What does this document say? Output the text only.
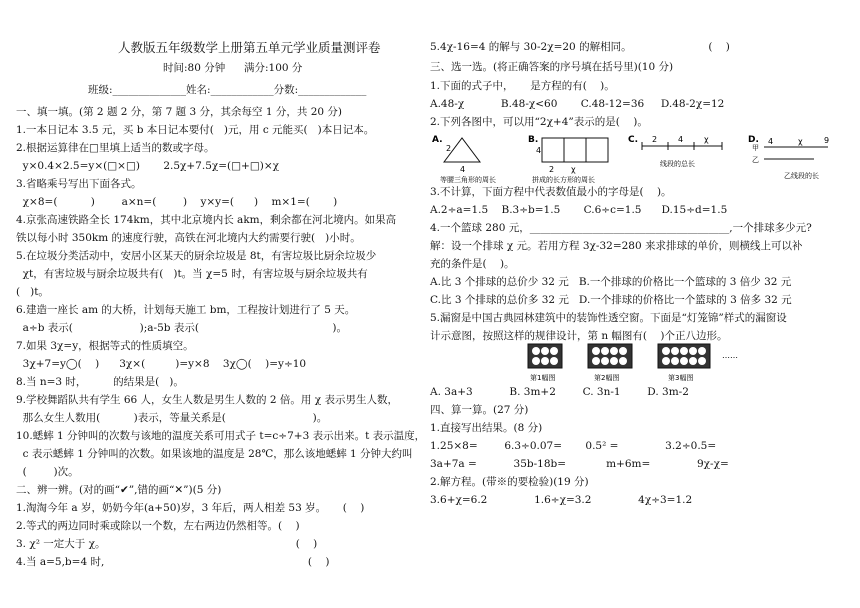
人教版五年级数学上册第五单元学业质量测评卷
时间:80 分钟 满分:100 分
班级:______________姓名:____________分数:_____________
一、填一填。(第 2 题 2 分，第 7 题 3 分，其余每空 1 分，共 20 分)
1.一本日记本 3.5 元，买 b 本日记本要付(   )元，用 c 元能买(   )本日记本。
2.根据运算律在□里填上适当的数或字母。
y×0.4×2.5=y×(□×□)       2.5χ+7.5χ=(□+□)×χ
3.省略乘号写出下面各式。
χ×8=(          )        a×n=(        )    y×y=(      )    m×1=(       )
4.京张高速铁路全长 174km，其中北京境内长 akm，剩余都在河北境内。如果高
铁以每小时 350km 的速度行驶，高铁在河北境内大约需要行驶(   )小时。
5.在垃圾分类活动中，安居小区某天的厨余垃圾是 8t，有害垃圾比厨余垃圾少
χt，有害垃圾与厨余垃圾共有(   )t。当 χ=5 时，有害垃圾与厨余垃圾共有
(   )t。
6.建造一座长 am 的大桥，计划每天施工 bm，工程按计划进行了 5 天。
a÷b 表示(                    );a-5b 表示(                                        )。
7.如果 3χ=y，根据等式的性质填空。
3χ+7=y◯(    )      3χ×(         )=y×8    3χ◯(    )=y÷10
8.当 n=3 时，        的结果是(   )。
9.学校舞蹈队共有学生 66 人，女生人数是男生人数的 2 倍。用 χ 表示男生人数，
那么女生人数用(          )表示，等量关系是(                          )。
10.蟋蟀 1 分钟叫的次数与该地的温度关系可用式子 t=c÷7+3 表示出来。t 表示温度，
c 表示蟋蟀 1 分钟叫的次数。如果该地的温度是 28℃，那么该地蟋蟀 1 分钟大约叫
(        )次。
二、辨一辨。(对的画“✔”,错的画“✕”)(5 分)
1.淘淘今年 a 岁，奶奶今年(a+50)岁，3 年后，两人相差 53 岁。     (    )
2.等式的两边同时乘或除以一个数，左右两边仍然相等。(    )
3. χ² 一定大于 χ。                                                         (    )
4.当 a=5,b=4 时,                                                             (    )
5.4χ-16=4 的解与 30-2χ=20 的解相同。                       (    )
三、选一选。(将正确答案的序号填在括号里)(10 分)
1.下面的式子中，     是方程的有(    )。
A.48-χ           B.48-χ<60       C.48-12=36     D.48-2χ=12
2.下列各图中，可以用“2χ+4”表示的是(    )。
A.
2
4
等腰三角形的周长
B.
4
2 χ
拼成的长方形的周长
C. 2	4	χ
线段的总长
D.
甲
4	χ
乙
9
乙线段的长
3.不计算，下面方程中代表数值最小的字母是(    )。
A.2÷a=1.5    B.3÷b=1.5       C.6÷c=1.5      D.15÷d=1.5
4.一个篮球 280 元，______________________________________,一个排球多少元?
解：设一个排球 χ 元。若用方程 3χ-32=280 来求排球的单价，则横线上可以补
充的条件是(    )。
A.比 3 个排球的总价少 32 元   B.一个排球的价格比一个篮球的 3 倍少 32 元
C.比 3 个排球的总价多 32 元   D.一个排球的价格比一个篮球的 3 倍多 32 元
5.漏窗是中国古典园林建筑中的装饰性透空窗。下面是“灯笼锦”样式的漏窗设
计示意图，按照这样的规律设计，第 n 幅图有(    )个正八边形。
第1幅图	第2幅图	第3幅图
……
A. 3a+3           B. 3m+2        C. 3n-1        D. 3m-2
四、算一算。(27 分)
1.直接写出结果。(8 分)
1.25×8=        6.3÷0.07=       0.5² =              3.2÷0.5=
3a+7a =           35b-18b=            m+6m=              9χ-χ=
2.解方程。(带※的要检验)(19 分)
3.6+χ=6.2              1.6÷χ=3.2              4χ÷3=1.2
